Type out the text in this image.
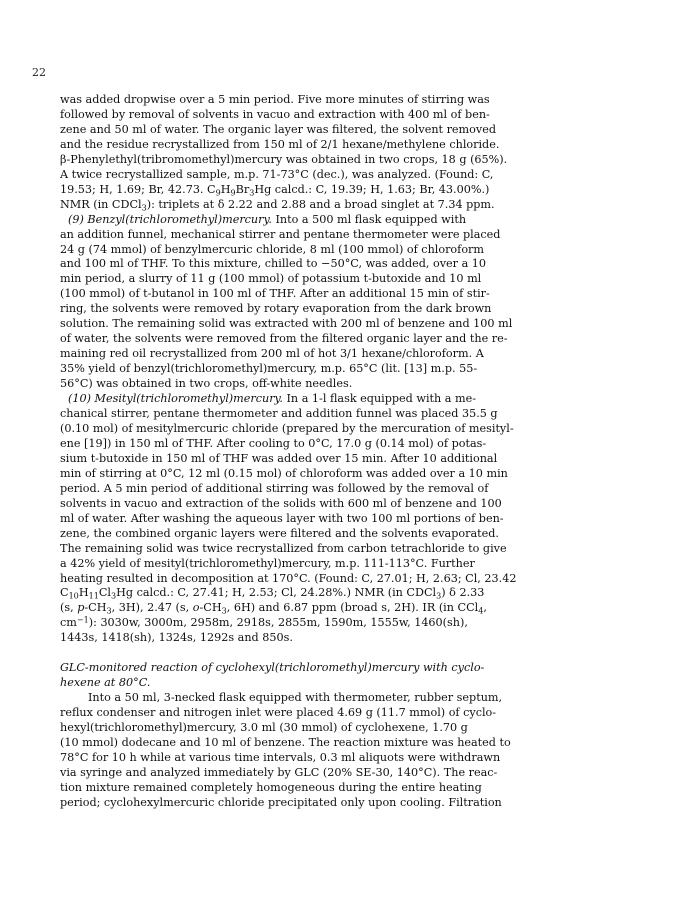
22
was added dropwise over a 5 min period. Five more minutes of stirring was
followed by removal of solvents in vacuo and extraction with 400 ml of ben-
zene and 50 ml of water. The organic layer was filtered, the solvent removed
and the residue recrystallized from 150 ml of 2/1 hexane/methylene chloride.
β-Phenylethyl(tribromomethyl)mercury was obtained in two crops, 18 g (65%).
A twice recrystallized sample, m.p. 71-73°C (dec.), was analyzed. (Found: C,
19.53; H, 1.69; Br, 42.73. $C_9H_9Br_3Hg$ calcd.: C, 19.39; H, 1.63; Br, 43.00%.)
NMR (in CDCl$_3$): triplets at δ 2.22 and 2.88 and a broad singlet at 7.34 ppm.
(9) Benzyl(trichloromethyl)mercury. Into a 500 ml flask equipped with
an addition funnel, mechanical stirrer and pentane thermometer were placed
24 g (74 mmol) of benzylmercuric chloride, 8 ml (100 mmol) of chloroform
and 100 ml of THF. To this mixture, chilled to −50°C, was added, over a 10
min period, a slurry of 11 g (100 mmol) of potassium t-butoxide and 10 ml
(100 mmol) of t-butanol in 100 ml of THF. After an additional 15 min of stir-
ring, the solvents were removed by rotary evaporation from the dark brown
solution. The remaining solid was extracted with 200 ml of benzene and 100 ml
of water, the solvents were removed from the filtered organic layer and the re-
maining red oil recrystallized from 200 ml of hot 3/1 hexane/chloroform. A
35% yield of benzyl(trichloromethyl)mercury, m.p. 65°C (lit. [13] m.p. 55-
56°C) was obtained in two crops, off-white needles.
(10) Mesityl(trichloromethyl)mercury. In a 1-l flask equipped with a me-
chanical stirrer, pentane thermometer and addition funnel was placed 35.5 g
(0.10 mol) of mesitylmercuric chloride (prepared by the mercuration of mesityl-
ene [19]) in 150 ml of THF. After cooling to 0°C, 17.0 g (0.14 mol) of potas-
sium t-butoxide in 150 ml of THF was added over 15 min. After 10 additional
min of stirring at 0°C, 12 ml (0.15 mol) of chloroform was added over a 10 min
period. A 5 min period of additional stirring was followed by the removal of
solvents in vacuo and extraction of the solids with 600 ml of benzene and 100
ml of water. After washing the aqueous layer with two 100 ml portions of ben-
zene, the combined organic layers were filtered and the solvents evaporated.
The remaining solid was twice recrystallized from carbon tetrachloride to give
a 42% yield of mesityl(trichloromethyl)mercury, m.p. 111-113°C. Further
heating resulted in decomposition at 170°C. (Found: C, 27.01; H, 2.63; Cl, 23.42
$C_{10}H_{11}Cl_3Hg$ calcd.: C, 27.41; H, 2.53; Cl, 24.28%.) NMR (in CDCl$_3$) δ 2.33
(s, $p-CH_3$, 3H), 2.47 (s, $o-CH_3$, 6H) and 6.87 ppm (broad s, 2H). IR (in CCl$_4$,
$cm^{-1}$): 3030w, 3000m, 2958m, 2918s, 2855m, 1590m, 1555w, 1460(sh),
1443s, 1418(sh), 1324s, 1292s and 850s.
GLC-monitored reaction of cyclohexyl(trichloromethyl)mercury with cyclo-
hexene at 80°C.
Into a 50 ml, 3-necked flask equipped with thermometer, rubber septum,
reflux condenser and nitrogen inlet were placed 4.69 g (11.7 mmol) of cyclo-
hexyl(trichloromethyl)mercury, 3.0 ml (30 mmol) of cyclohexene, 1.70 g
(10 mmol) dodecane and 10 ml of benzene. The reaction mixture was heated to
78°C for 10 h while at various time intervals, 0.3 ml aliquots were withdrawn
via syringe and analyzed immediately by GLC (20% SE-30, 140°C). The reac-
tion mixture remained completely homogeneous during the entire heating
period; cyclohexylmercuric chloride precipitated only upon cooling. Filtration
